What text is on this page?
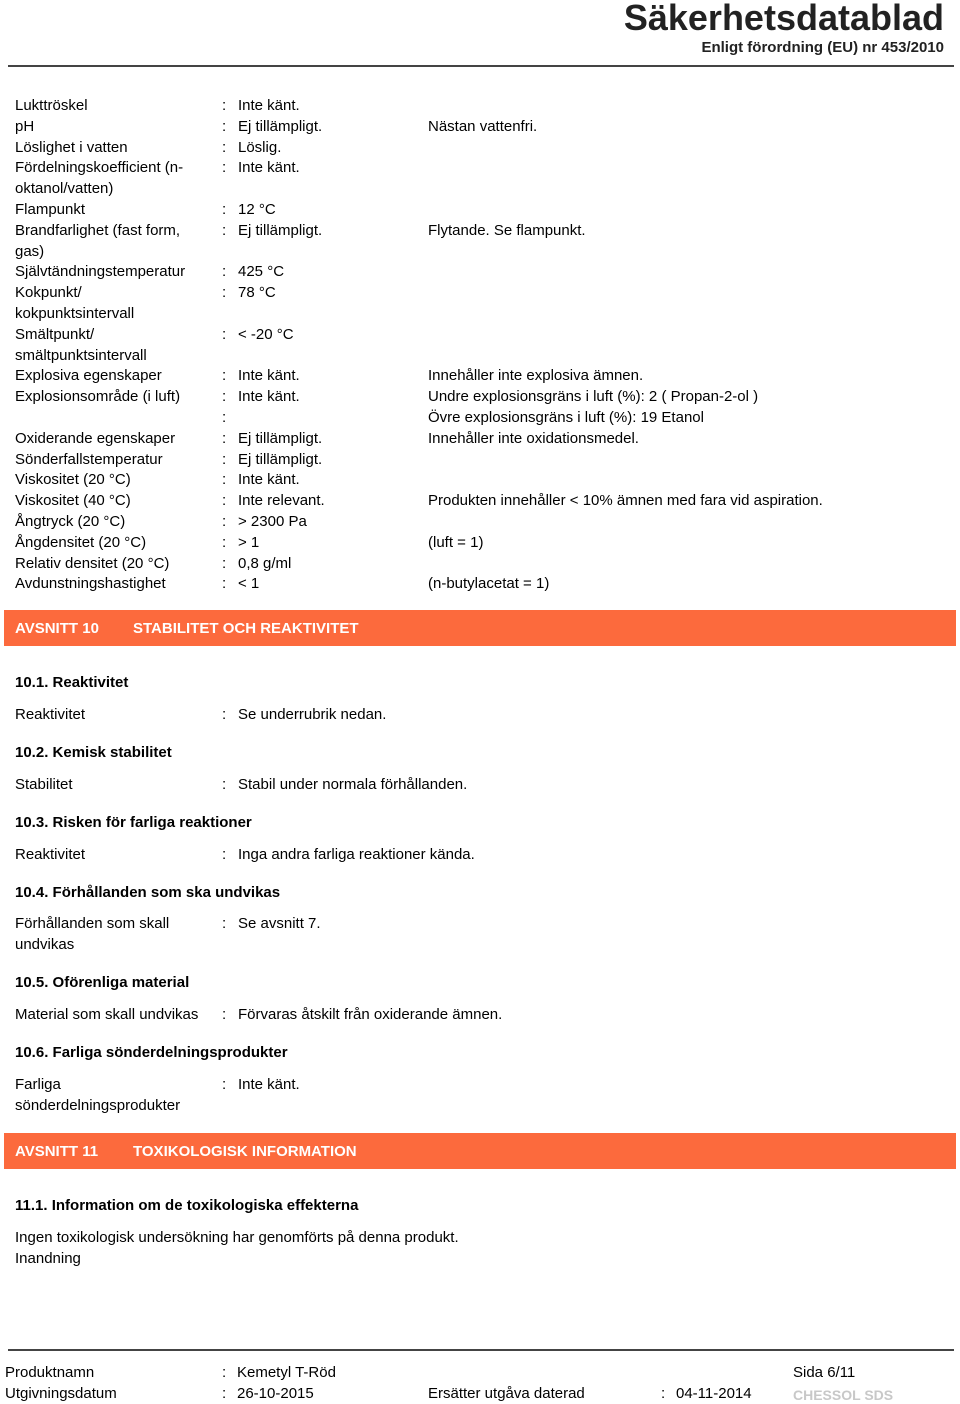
Säkerhetsdatablad
Enligt förordning (EU) nr 453/2010
Lukttröskel	: Inte känt.
pH	: Ej tillämpligt.	Nästan vattenfri.
Löslighet i vatten	: Löslig.
Fördelningskoefficient (n-	: Inte känt.
oktanol/vatten)
Flampunkt	: 12 °C
Brandfarlighet (fast form,	: Ej tillämpligt.	Flytande. Se flampunkt.
gas)
Självtändningstemperatur	: 425 °C
Kokpunkt/	: 78 °C
kokpunktsintervall
Smältpunkt/	: < -20 °C
smältpunktsintervall
Explosiva egenskaper	: Inte känt.	Innehåller inte explosiva ämnen.
Explosionsområde (i luft)	: Inte känt.	Undre explosionsgräns i luft (%): 2 ( Propan-2-ol )
:	Övre explosionsgräns i luft (%): 19 Etanol
Oxiderande egenskaper	: Ej tillämpligt.	Innehåller inte oxidationsmedel.
Sönderfallstemperatur	: Ej tillämpligt.
Viskositet (20 °C)	: Inte känt.
Viskositet (40 °C)	: Inte relevant.	Produkten innehåller < 10% ämnen med fara vid aspiration.
Ångtryck (20 °C)	: > 2300 Pa
Ångdensitet (20 °C)	: > 1	(luft = 1)
Relativ densitet (20 °C)	: 0,8 g/ml
Avdunstningshastighet	: < 1	(n-butylacetat = 1)
AVSNITT 10	STABILITET OCH REAKTIVITET
10.1. Reaktivitet
Reaktivitet	: Se underrubrik nedan.
10.2. Kemisk stabilitet
Stabilitet	: Stabil under normala förhållanden.
10.3. Risken för farliga reaktioner
Reaktivitet	: Inga andra farliga reaktioner kända.
10.4. Förhållanden som ska undvikas
Förhållanden som skall
undvikas
: Se avsnitt 7.
10.5. Oförenliga material
Material som skall undvikas	: Förvaras åtskilt från oxiderande ämnen.
10.6. Farliga sönderdelningsprodukter
Farliga
sönderdelningsprodukter
: Inte känt.
AVSNITT 11	TOXIKOLOGISK INFORMATION
11.1. Information om de toxikologiska effekterna
Ingen toxikologisk undersökning har genomförts på denna produkt.
Inandning
Produktnamn	: Kemetyl T-Röd	Sida 6/11
Utgivningsdatum	: 26-10-2015	Ersätter utgåva daterad	: 04-11-2014	CHESSOL SDS
